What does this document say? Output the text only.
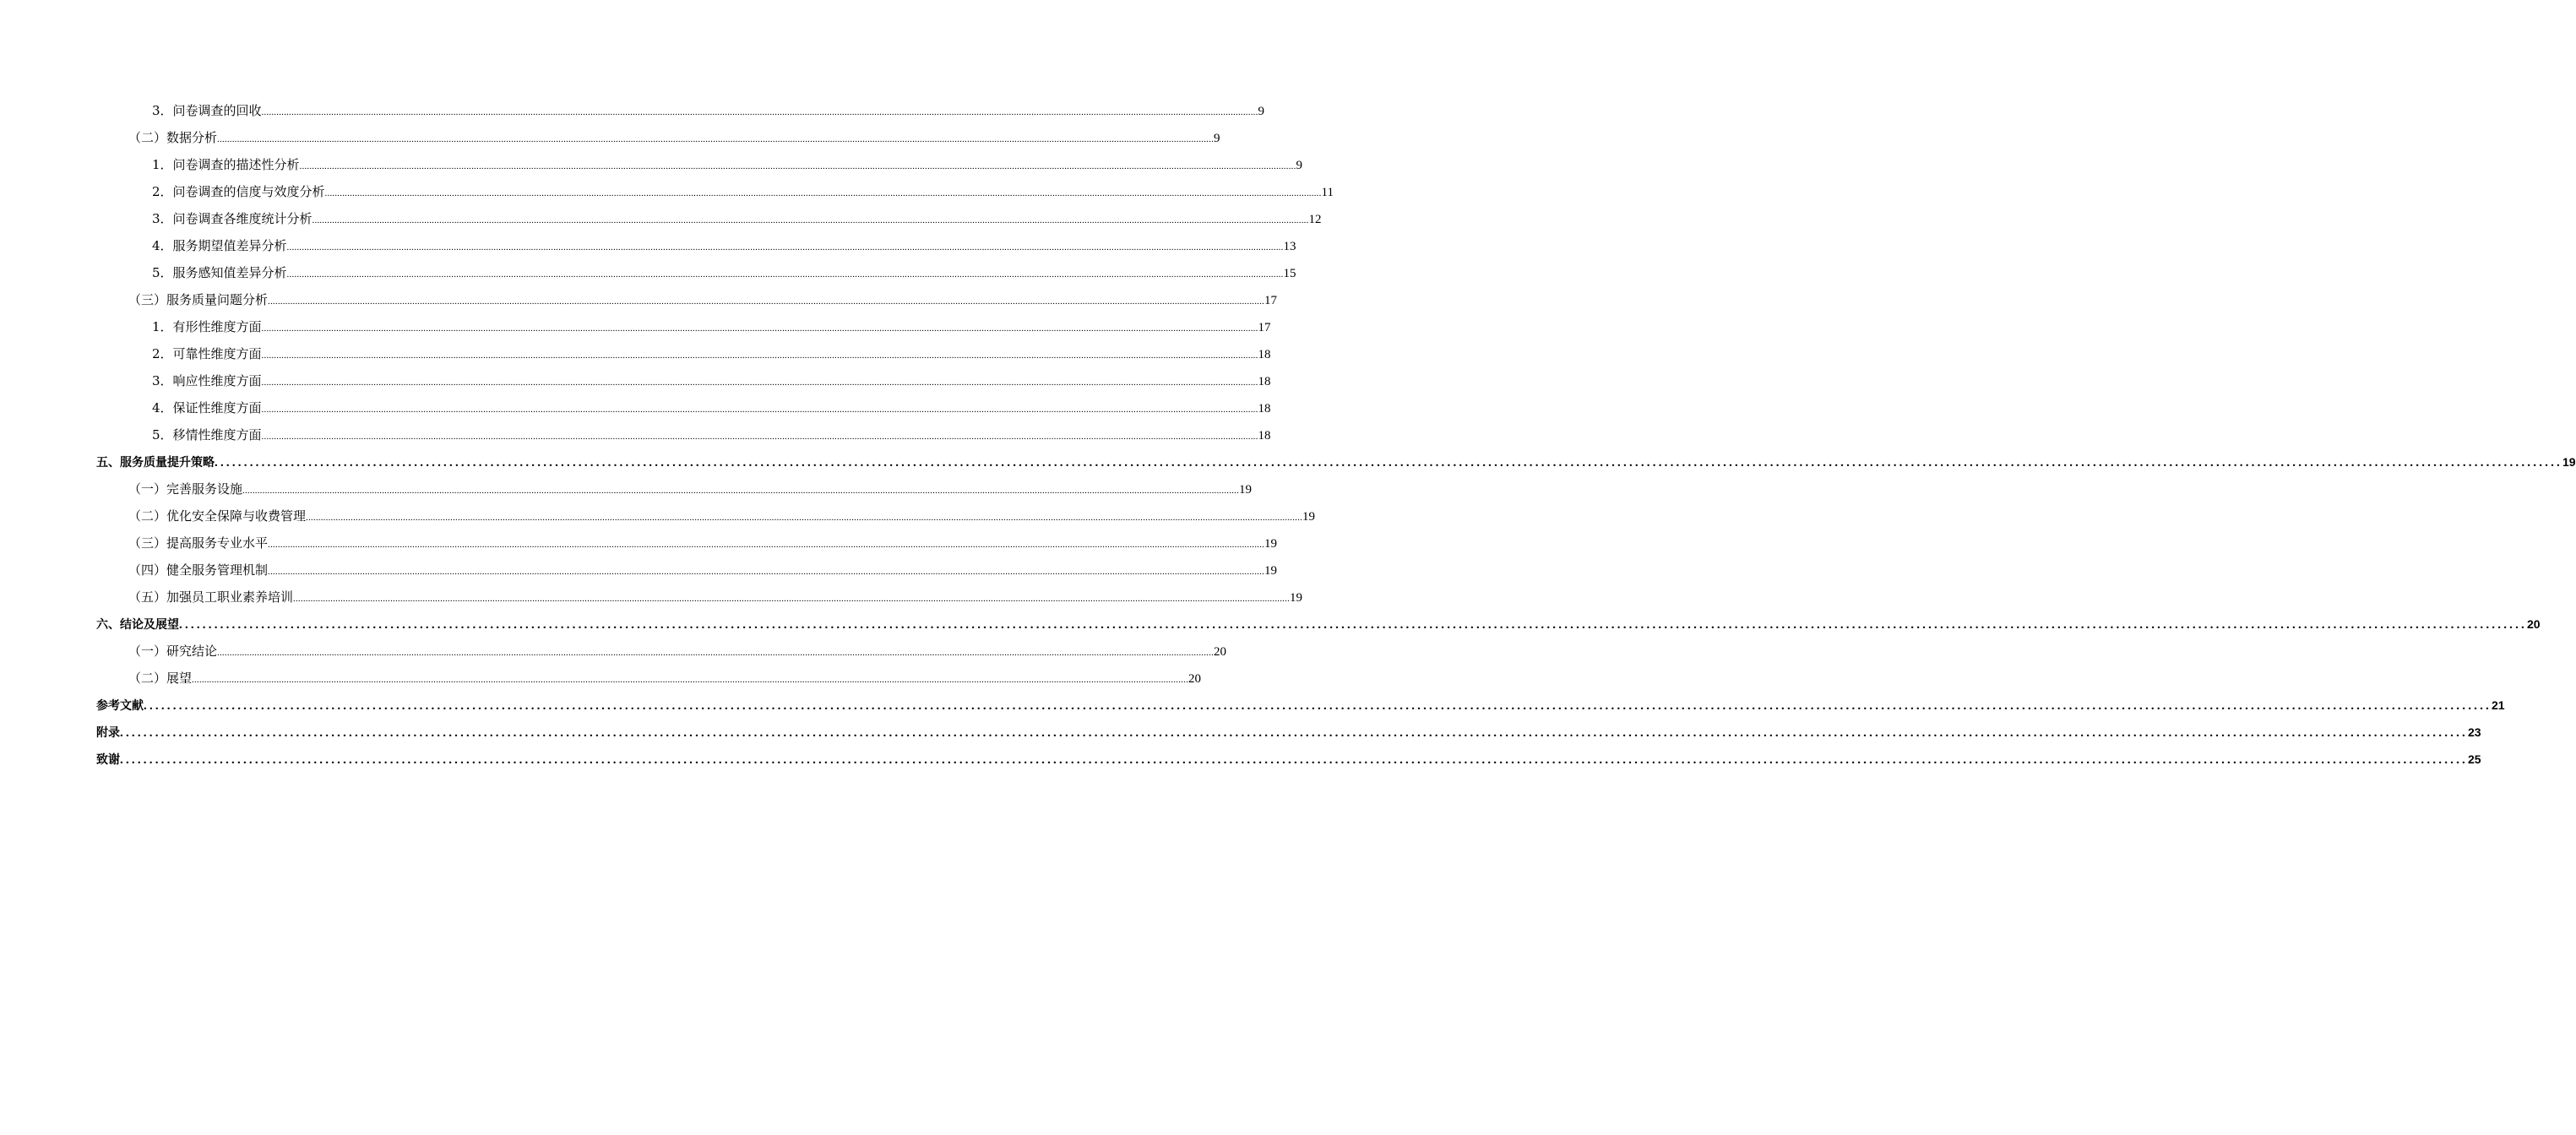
3．问卷调查的回收 ................................................................................................................................................................................................................................................................................................................................................................................................................ 9
（二）数据分析 ................................................................................................................................................................................................................................................................................................................................................................................................................ 9
1．问卷调查的描述性分析 ................................................................................................................................................................................................................................................................................................................................................................................................................ 9
2．问卷调查的信度与效度分析 ................................................................................................................................................................................................................................................................................................................................................................................................................ 11
3．问卷调查各维度统计分析 ................................................................................................................................................................................................................................................................................................................................................................................................................ 12
4．服务期望值差异分析 ................................................................................................................................................................................................................................................................................................................................................................................................................ 13
5．服务感知值差异分析 ................................................................................................................................................................................................................................................................................................................................................................................................................ 15
（三）服务质量问题分析 ................................................................................................................................................................................................................................................................................................................................................................................................................ 17
1．有形性维度方面 ................................................................................................................................................................................................................................................................................................................................................................................................................ 17
2．可靠性维度方面 ................................................................................................................................................................................................................................................................................................................................................................................................................ 18
3．响应性维度方面 ................................................................................................................................................................................................................................................................................................................................................................................................................ 18
4．保证性维度方面 ................................................................................................................................................................................................................................................................................................................................................................................................................ 18
5．移情性维度方面 ................................................................................................................................................................................................................................................................................................................................................................................................................ 18
五、服务质量提升策略 ................................................................................................................................................................................................................................................................................................................................................................................................................ 19
（一）完善服务设施 ................................................................................................................................................................................................................................................................................................................................................................................................................ 19
（二）优化安全保障与收费管理 ................................................................................................................................................................................................................................................................................................................................................................................................................ 19
（三）提高服务专业水平 ................................................................................................................................................................................................................................................................................................................................................................................................................ 19
（四）健全服务管理机制 ................................................................................................................................................................................................................................................................................................................................................................................................................ 19
（五）加强员工职业素养培训 ................................................................................................................................................................................................................................................................................................................................................................................................................ 19
六、结论及展望 ................................................................................................................................................................................................................................................................................................................................................................................................................ 20
（一）研究结论 ................................................................................................................................................................................................................................................................................................................................................................................................................ 20
（二）展望 ................................................................................................................................................................................................................................................................................................................................................................................................................ 20
参考文献 ................................................................................................................................................................................................................................................................................................................................................................................................................ 21
附录 ................................................................................................................................................................................................................................................................................................................................................................................................................ 23
致谢 ................................................................................................................................................................................................................................................................................................................................................................................................................ 25
